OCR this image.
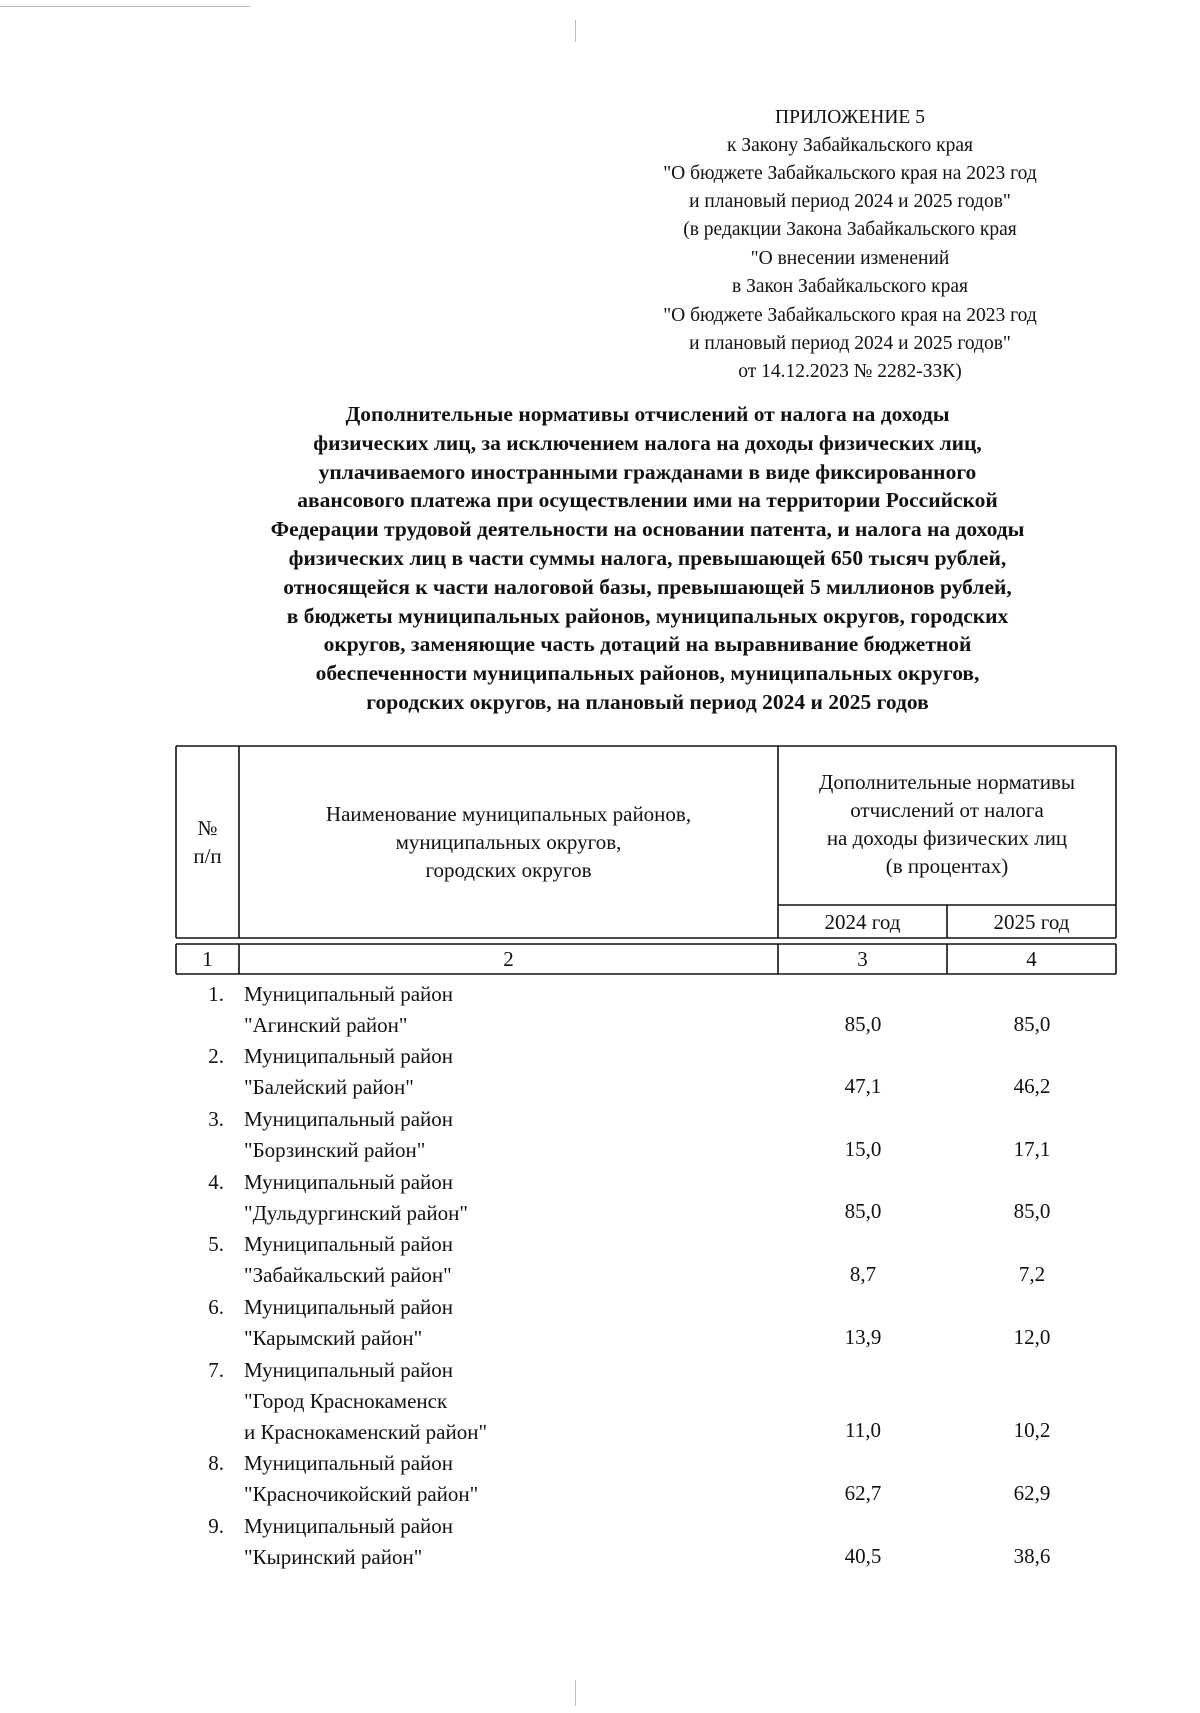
ПРИЛОЖЕНИЕ 5
к Закону Забайкальского края
"О бюджете Забайкальского края на 2023 год
и плановый период 2024 и 2025 годов"
(в редакции Закона Забайкальского края
"О внесении изменений
в Закон Забайкальского края
"О бюджете Забайкальского края на 2023 год
и плановый период 2024 и 2025 годов"
от 14.12.2023 № 2282-ЗЗК)
Дополнительные нормативы отчислений от налога на доходы
физических лиц, за исключением налога на доходы физических лиц,
уплачиваемого иностранными гражданами в виде фиксированного
авансового платежа при осуществлении ими на территории Российской
Федерации трудовой деятельности на основании патента, и налога на доходы
физических лиц в части суммы налога, превышающей 650 тысяч рублей,
относящейся к части налоговой базы, превышающей 5 миллионов рублей,
в бюджеты муниципальных районов, муниципальных округов, городских
округов, заменяющие часть дотаций на выравнивание бюджетной
обеспеченности муниципальных районов, муниципальных округов,
городских округов, на плановый период 2024 и 2025 годов
№
п/п
Наименование муниципальных районов,
муниципальных округов,
городских округов
Дополнительные нормативы
отчислений от налога
на доходы физических лиц
(в процентах)
2024 год	2025 год
1	2	3	4
1. Муниципальный район
"Агинский район"	85,0	85,0
2. Муниципальный район
"Балейский район"	47,1	46,2
3. Муниципальный район
"Борзинский район"	15,0	17,1
4. Муниципальный район
"Дульдургинский район"	85,0	85,0
5. Муниципальный район
"Забайкальский район"	8,7	7,2
6. Муниципальный район
"Карымский район"	13,9	12,0
7. Муниципальный район
"Город Краснокаменск
и Краснокаменский район"	11,0	10,2
8. Муниципальный район
"Красночикойский район"	62,7	62,9
9. Муниципальный район
"Кыринский район"	40,5	38,6
